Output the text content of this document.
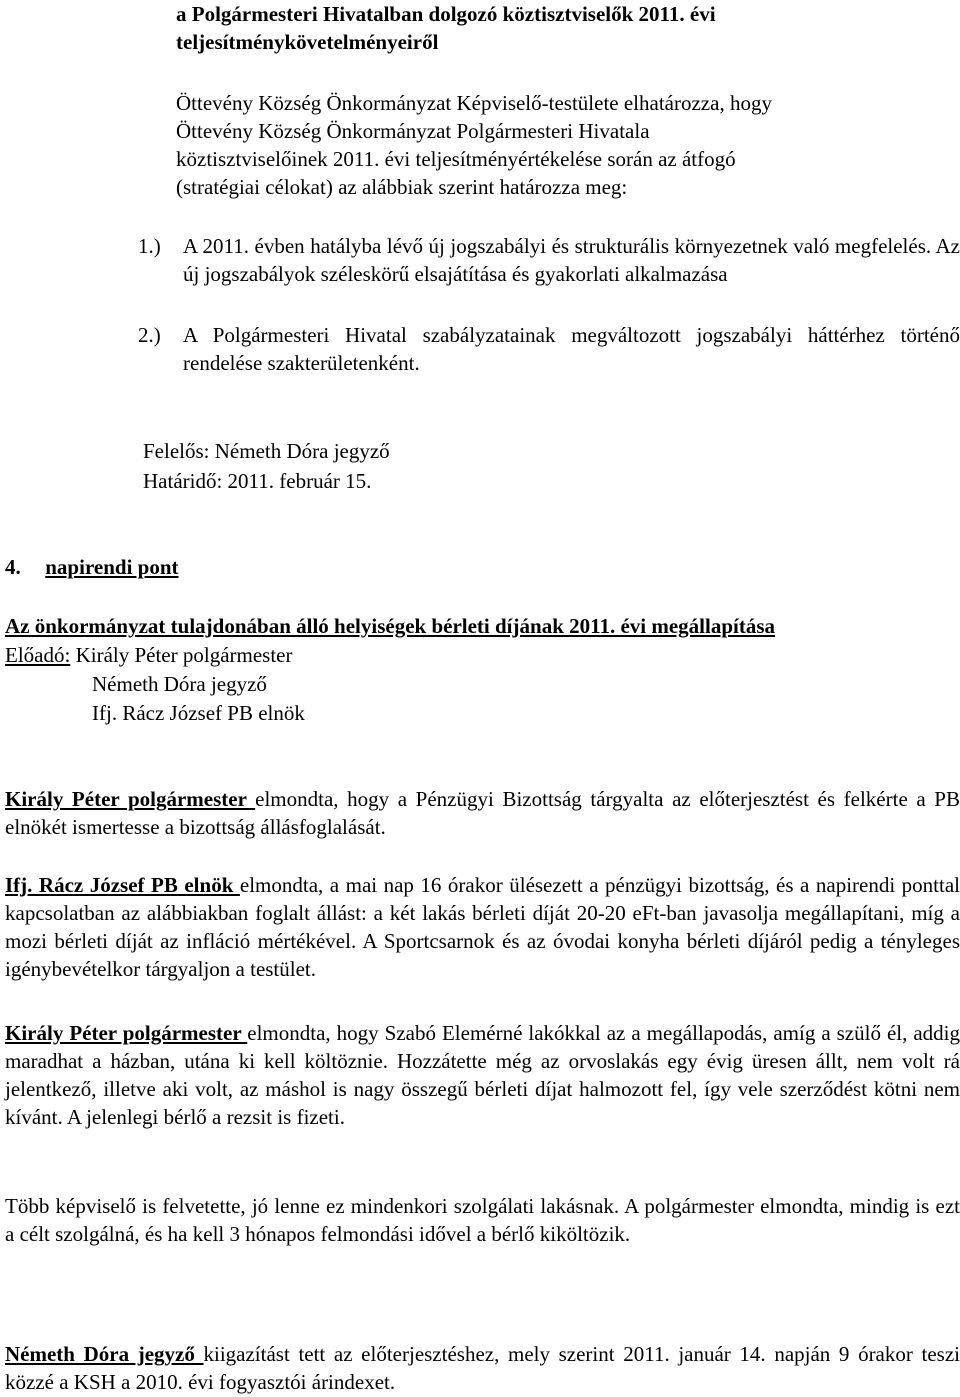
a Polgármesteri Hivatalban dolgozó köztisztviselők 2011. évi
teljesítménykövetelményeiről
Öttevény Község Önkormányzat Képviselő-testülete elhatározza, hogy Öttevény Község Önkormányzat Polgármesteri Hivatala köztisztviselőinek 2011. évi teljesítményértékelése során az átfogó (stratégiai célokat) az alábbiak szerint határozza meg:
1.) A 2011. évben hatályba lévő új jogszabályi és strukturális környezetnek való megfelelés. Az új jogszabályok széleskörű elsajátítása és gyakorlati alkalmazása
2.) A Polgármesteri Hivatal szabályzatainak megváltozott jogszabályi háttérhez történő rendelése szakterületenként.
Felelős: Németh Dóra jegyző
Határidő: 2011. február 15.
4. napirendi pont
Az önkormányzat tulajdonában álló helyiségek bérleti díjának 2011. évi megállapítása
Előadó: Király Péter polgármester
Németh Dóra jegyző
Ifj. Rácz József PB elnök
Király Péter polgármester elmondta, hogy a Pénzügyi Bizottság tárgyalta az előterjesztést és felkérte a PB elnökét ismertesse a bizottság állásfoglalását.
Ifj. Rácz József PB elnök elmondta, a mai nap 16 órakor ülésezett a pénzügyi bizottság, és a napirendi ponttal kapcsolatban az alábbiakban foglalt állást: a két lakás bérleti díját 20-20 eFt-ban javasolja megállapítani, míg a mozi bérleti díját az infláció mértékével. A Sportcsarnok és az óvodai konyha bérleti díjáról pedig a tényleges igénybevételkor tárgyaljon a testület.
Király Péter polgármester elmondta, hogy Szabó Elemérné lakókkal az a megállapodás, amíg a szülő él, addig maradhat a házban, utána ki kell költöznie. Hozzátette még az orvoslakás egy évig üresen állt, nem volt rá jelentkező, illetve aki volt, az máshol is nagy összegű bérleti díjat halmozott fel, így vele szerződést kötni nem kívánt. A jelenlegi bérlő a rezsit is fizeti.
Több képviselő is felvetette, jó lenne ez mindenkori szolgálati lakásnak. A polgármester elmondta, mindig is ezt a célt szolgálná, és ha kell 3 hónapos felmondási idővel a bérlő kiköltözik.
Németh Dóra jegyző kiigazítást tett az előterjesztéshez, mely szerint 2011. január 14. napján 9 órakor teszi közzé a KSH a 2010. évi fogyasztói árindexet.
